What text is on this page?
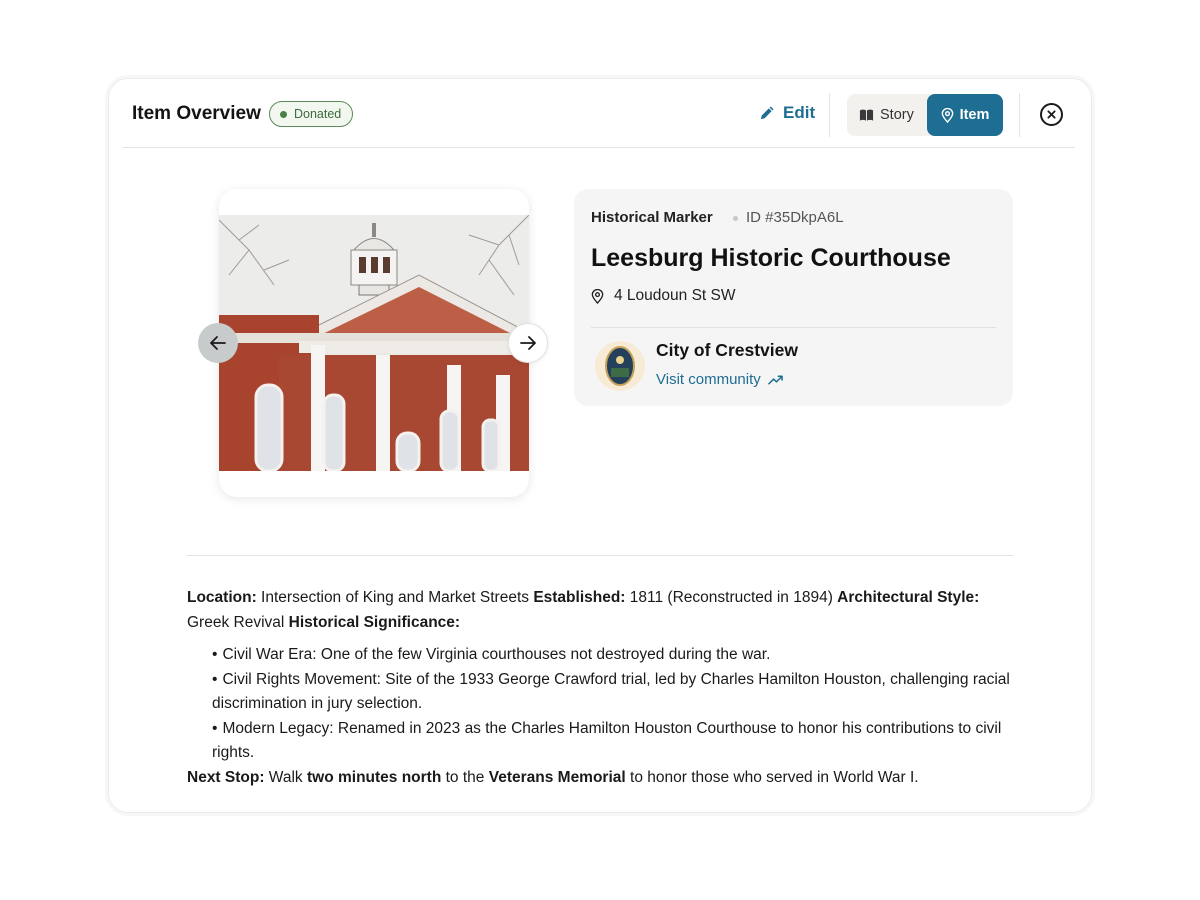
Item Overview	Donated	Edit	Story	Item
Historical Marker ID #35DkpA6L
Leesburg Historic Courthouse
4 Loudoun St SW
City of Crestview
Visit community

Location: Intersection of King and Market Streets Established: 1811 (Reconstructed in 1894) Architectural Style: Greek Revival Historical Significance:

• Civil War Era: One of the few Virginia courthouses not destroyed during the war.
• Civil Rights Movement: Site of the 1933 George Crawford trial, led by Charles Hamilton Houston, challenging racial discrimination in jury selection.
• Modern Legacy: Renamed in 2023 as the Charles Hamilton Houston Courthouse to honor his contributions to civil rights.

Next Stop: Walk two minutes north to the Veterans Memorial to honor those who served in World War I.
